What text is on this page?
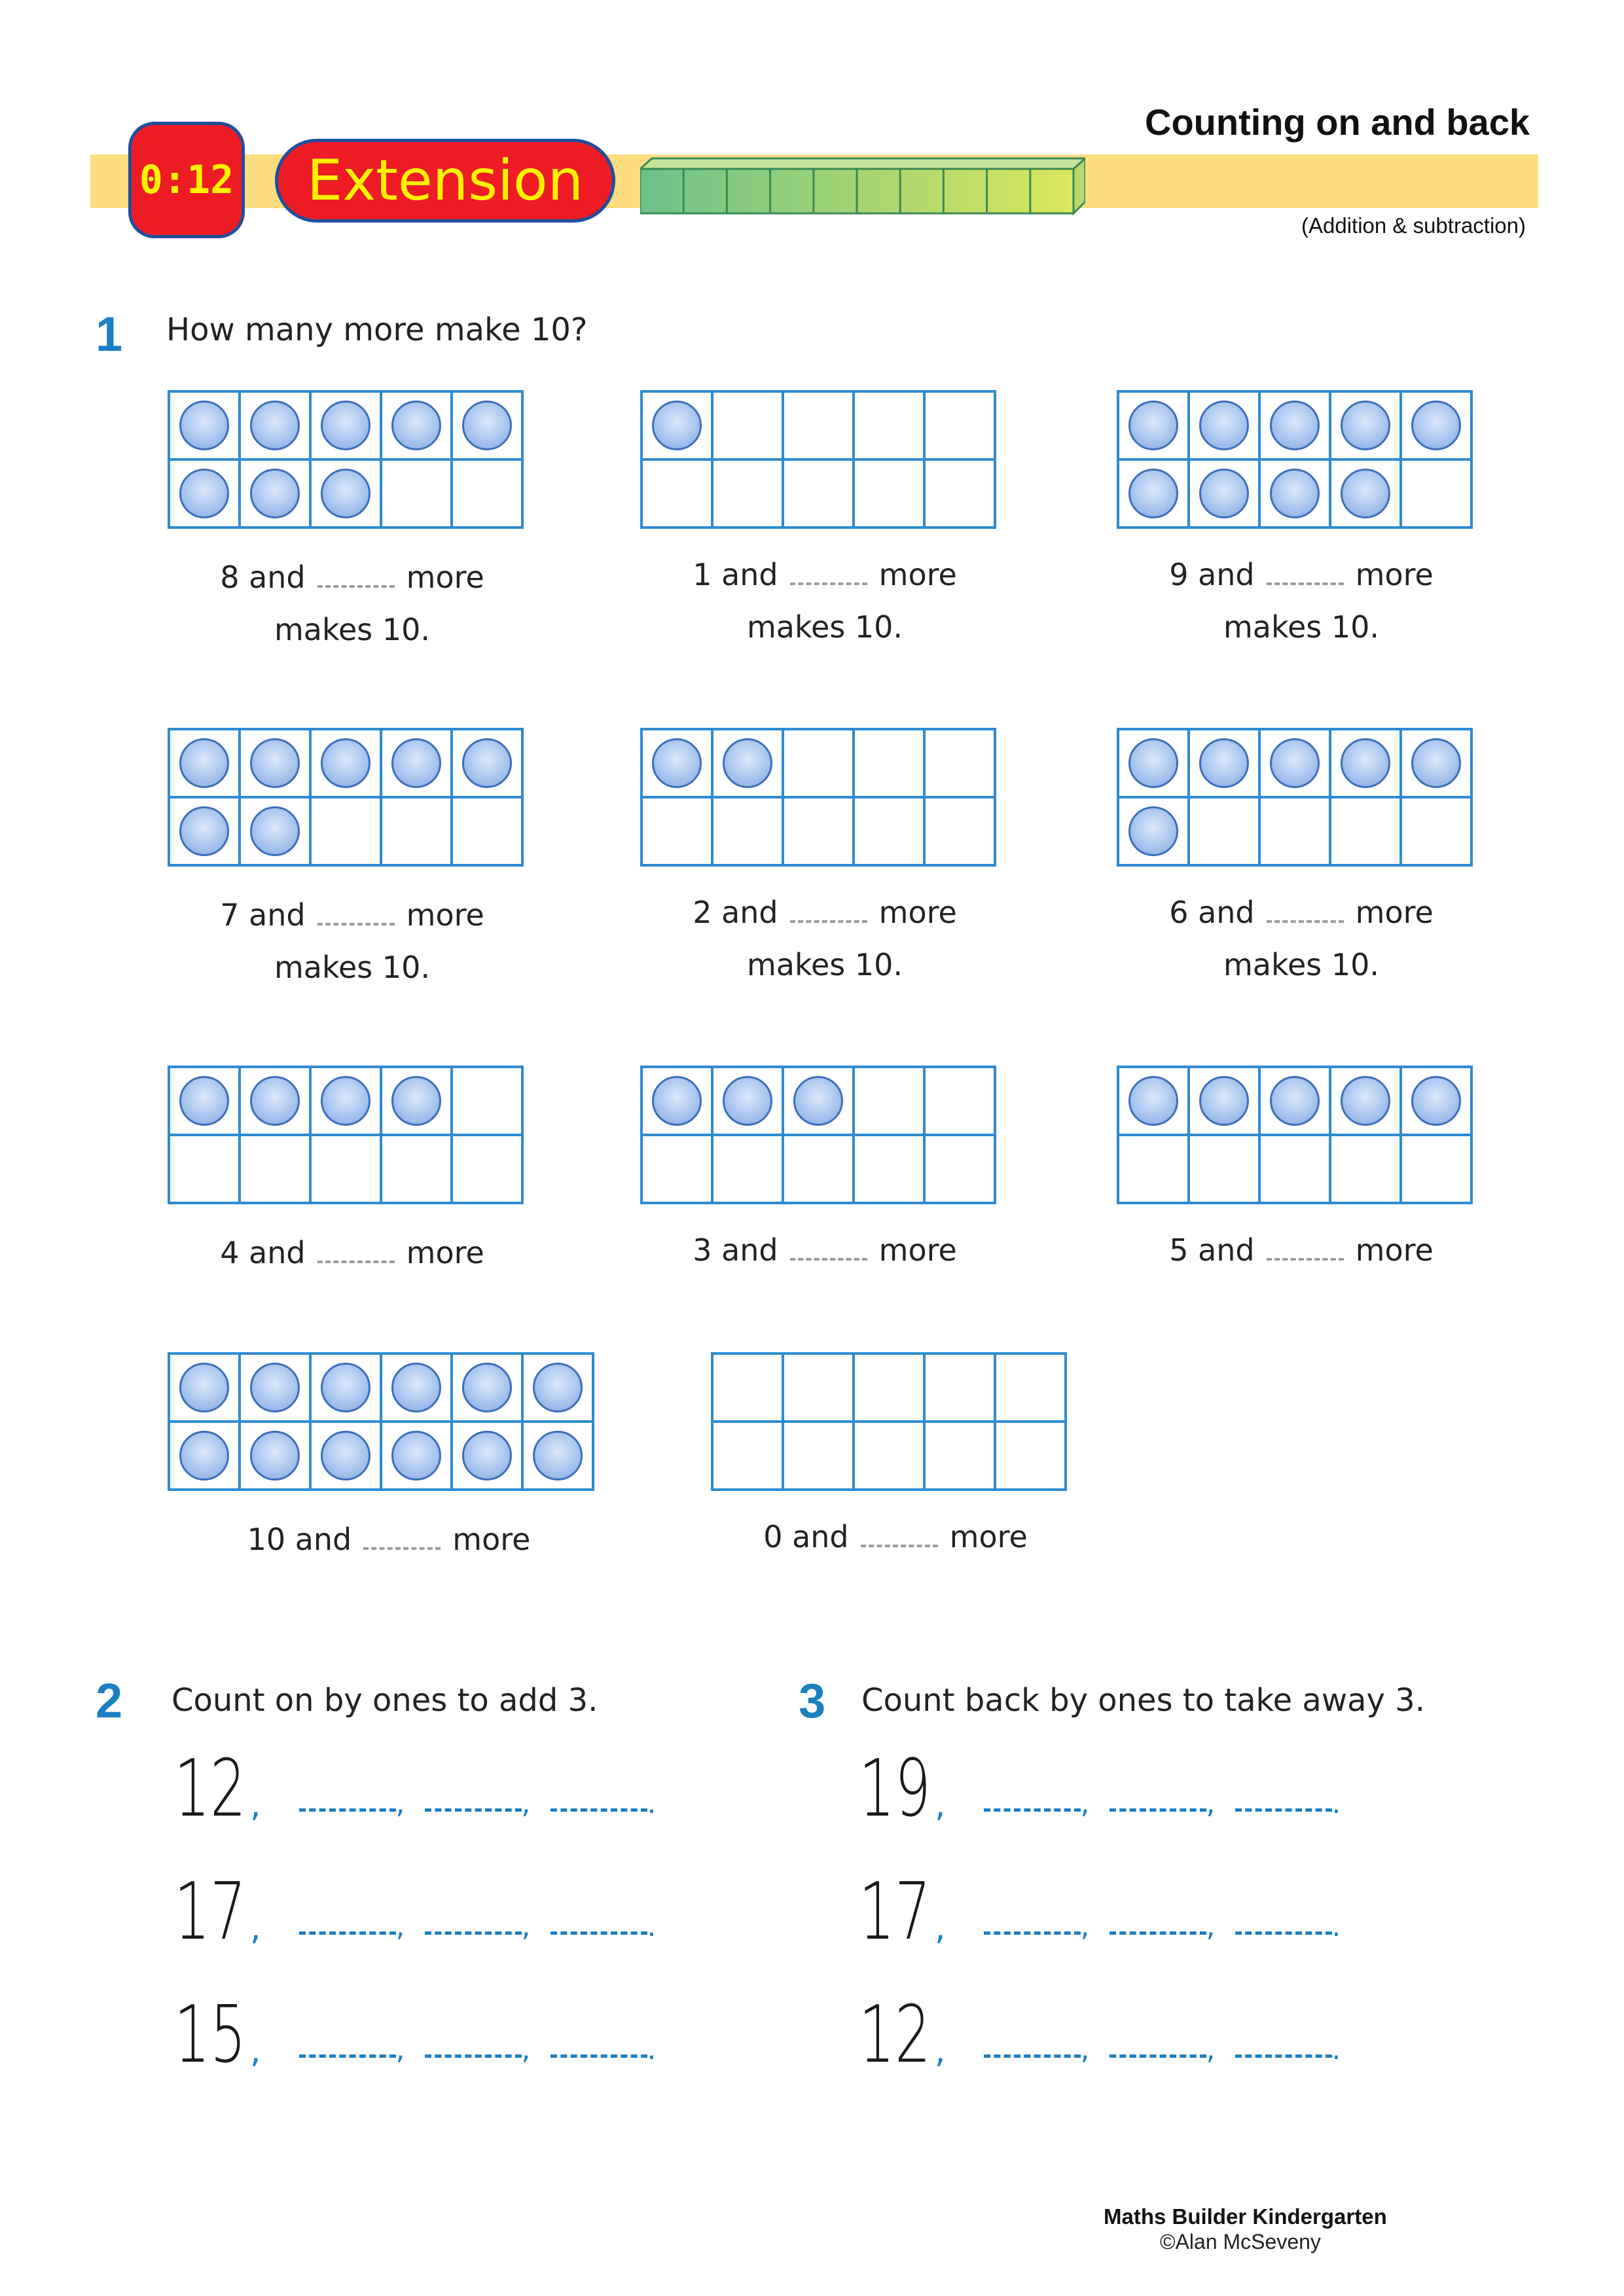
0:12	Extension
Counting on and back
(Addition & subtraction)
1 How many more make 10?
8 and	more
makes 10.
1 and	more
makes 10.
9 and	more
makes 10.
7 and	more
makes 10.
2 and	more
makes 10.
6 and	more
makes 10.
4 and	more	3 and	more	5 and	more
10 and	more	0 and	more
2 Count on by ones to add 3.
12 ,	,	,	.
17 ,	,	,	.
15 ,	,	,	.
3 Count back by ones to take away 3.
19 ,	,	,	.
17 ,	,	,	.
12 ,	,	,	.
Maths Builder Kindergarten
©Alan McSeveny
